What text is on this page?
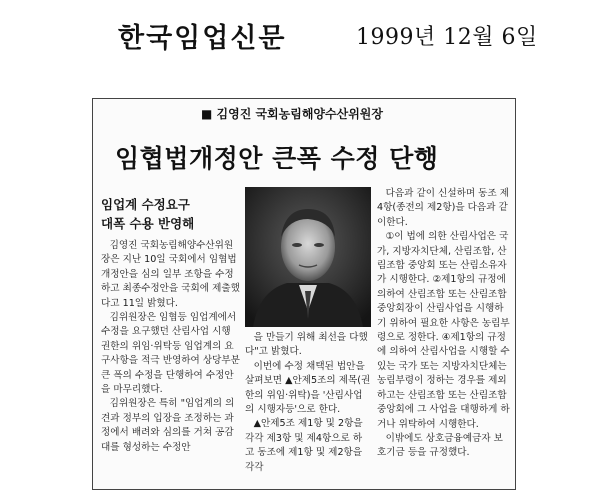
한국임업신문	1999년 12월 6일
■ 김영진 국회농림해양수산위원장
임협법개정안 큰폭 수정 단행
임업계 수정요구
대폭 수용 반영해

김영진 국회농림해양수산위원장은 지난 10일 국회에서 임협법개정안을 심의 일부 조항을 수정하고 최종수정안을 국회에 제출했다고 11일 밝혔다.

김위원장은 임협등 임업계에서 수정을 요구했던 산림사업 시행 권한의 위임·위탁등 임업계의 요구사항을 적극 반영하여 상당부분 큰 폭의 수정을 단행하여 수정안을 마무리했다.

김위원장은 특히 "임업계의 의견과 정부의 입장을 조정하는 과정에서 배려와 심의를 거쳐 공감대를 형성하는 수정안

을 만들기 위해 최선을 다했다"고 밝혔다.

이번에 수정 채택된 법안을 살펴보면 ▲안제5조의 제목(권한의 위임·위탁)을 '산림사업의 시행자등'으로 한다.

▲안제5조 제1항 및 2항을 각각 제3항 및 제4항으로 하고 동조에 제1항 및 제2항을 각각

다음과 같이 신설하며 동조 제4항(종전의 제2항)을 다음과 같이한다.

①이 법에 의한 산림사업은 국가, 지방자치단체, 산림조합, 산림조합 중앙회 또는 산림소유자가 시행한다. ②제1항의 규정에 의하여 산림조합 또는 산림조합중앙회장이 산림사업을 시행하기 위하여 필요한 사항은 농림부령으로 정한다. ④제1항의 규정에 의하여 산림사업을 시행할 수 있는 국가 또는 지방자치단체는 농림부령이 정하는 경우를 제외하고는 산림조합 또는 산림조합 중앙회에 그 사업을 대행하게 하거나 위탁하여 시행한다.

이밖에도 상호금융예금자 보호기금 등을 규정했다.
